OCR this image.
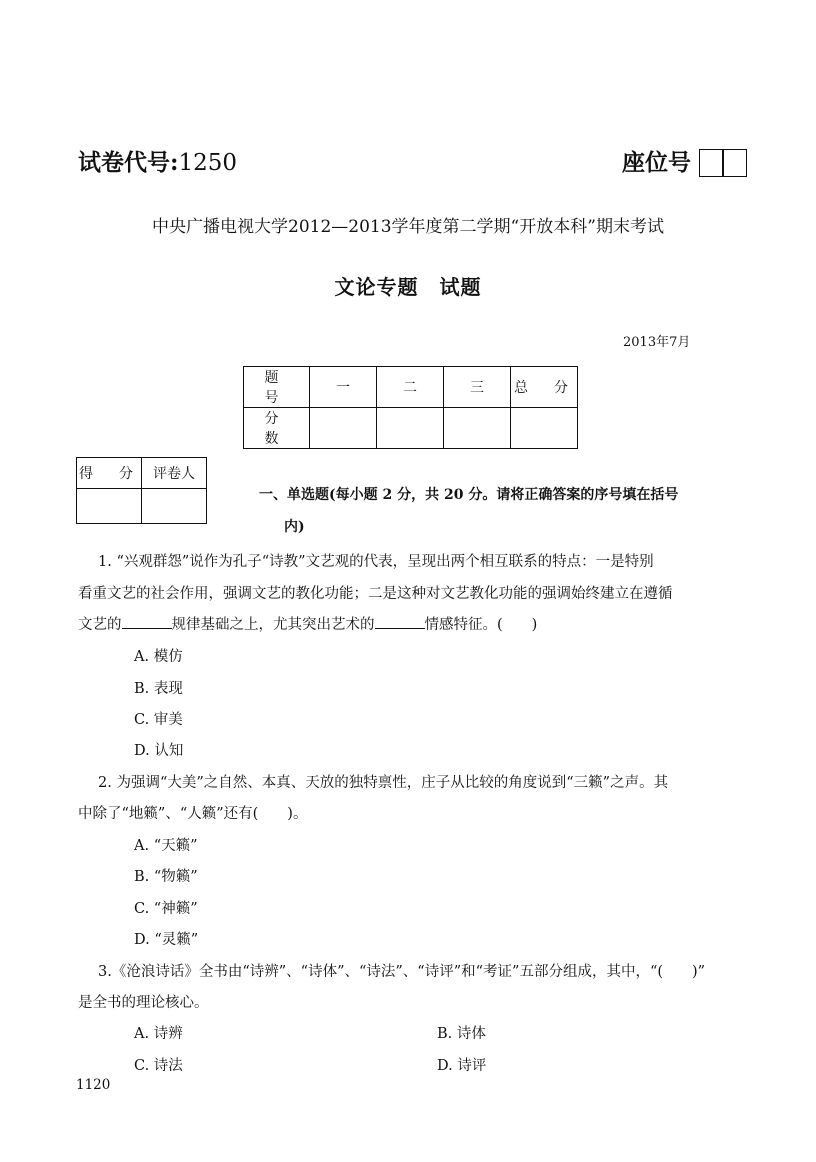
试卷代号:1250	座位号
中央广播电视大学2012—2013学年度第二学期“开放本科”期末考试
文论专题　试题
2013年7月
题　号	一	二	三	总　分
分　数				
得　分	评卷人

一、单选题(每小题 2 分，共 20 分。请将正确答案的序号填在括号
内)
1. “兴观群怨”说作为孔子“诗教”文艺观的代表，呈现出两个相互联系的特点：一是特别
看重文艺的社会作用，强调文艺的教化功能；二是这种对文艺教化功能的强调始终建立在遵循
文艺的	规律基础之上，尤其突出艺术的	情感特征。(　　)
A. 模仿
B. 表现
C. 审美
D. 认知
2. 为强调“大美”之自然、本真、天放的独特禀性，庄子从比较的角度说到“三籁”之声。其
中除了“地籁”、“人籁”还有(　　)。
A. “天籁”
B. “物籁”
C. “神籁”
D. “灵籁”
3.《沧浪诗话》全书由“诗辨”、“诗体”、“诗法”、“诗评”和“考证”五部分组成，其中，“(　　)”
是全书的理论核心。
A. 诗辨	B. 诗体
C. 诗法	D. 诗评
1120
